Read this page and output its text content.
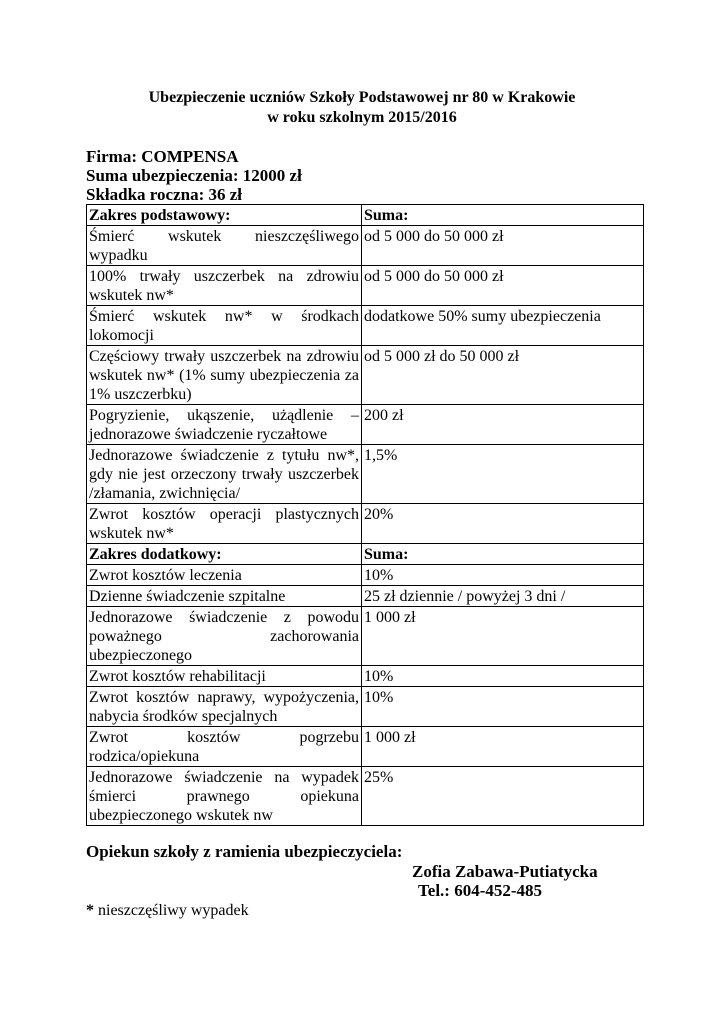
Ubezpieczenie uczniów Szkoły Podstawowej nr 80 w Krakowie
w roku szkolnym 2015/2016
Firma: COMPENSA
Suma ubezpieczenia: 12000 zł
Składka roczna: 36 zł
Zakres podstawowy:	Suma:
Śmierć wskutek nieszczęśliwego wypadku	od 5 000 do 50 000 zł
100% trwały uszczerbek na zdrowiu wskutek nw*	od 5 000 do 50 000 zł
Śmierć wskutek nw* w środkach lokomocji	dodatkowe 50% sumy ubezpieczenia
Częściowy trwały uszczerbek na zdrowiu wskutek nw* (1% sumy ubezpieczenia za 1% uszczerbku)	od 5 000 zł do 50 000 zł
Pogryzienie, ukąszenie, użądlenie – jednorazowe świadczenie ryczałtowe	200 zł
Jednorazowe świadczenie z tytułu nw*, gdy nie jest orzeczony trwały uszczerbek /złamania, zwichnięcia/	1,5%
Zwrot kosztów operacji plastycznych wskutek nw*	20%
Zakres dodatkowy:	Suma:
Zwrot kosztów leczenia	10%
Dzienne świadczenie szpitalne	25 zł dziennie / powyżej 3 dni /
Jednorazowe świadczenie z powodu poważnego zachorowania ubezpieczonego	1 000 zł
Zwrot kosztów rehabilitacji	10%
Zwrot kosztów naprawy, wypożyczenia, nabycia środków specjalnych	10%
Zwrot kosztów pogrzebu rodzica/opiekuna	1 000 zł
Jednorazowe świadczenie na wypadek śmierci prawnego opiekuna ubezpieczonego wskutek nw	25%
Opiekun szkoły z ramienia ubezpieczyciela:
Zofia Zabawa-Putiatycka
Tel.: 604-452-485
* nieszczęśliwy wypadek
